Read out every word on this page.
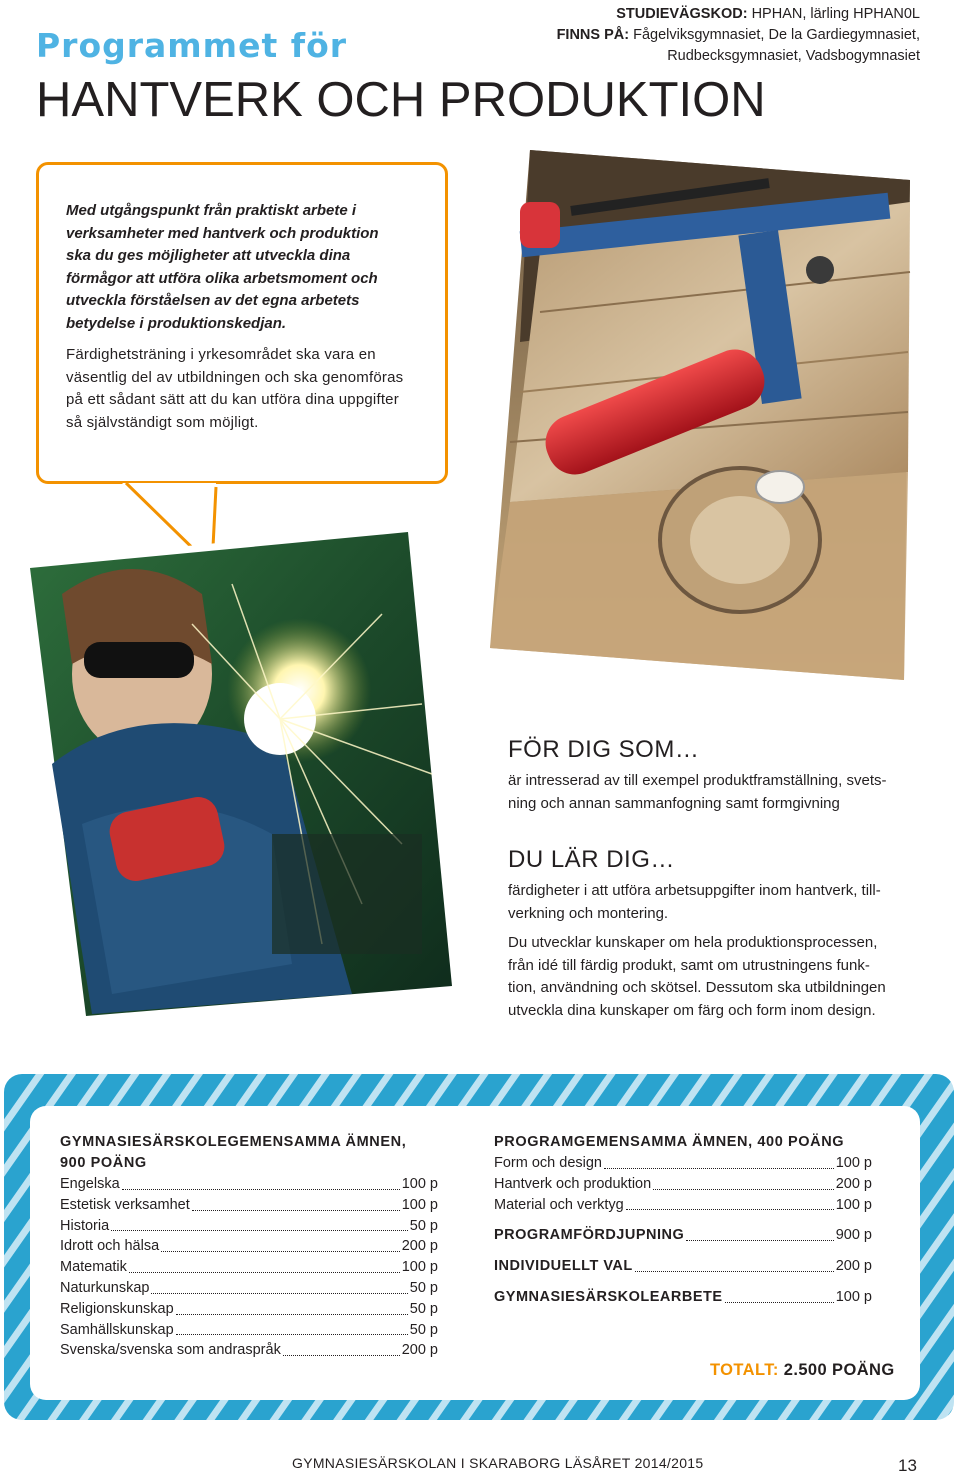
Programmet för
HANTVERK OCH PRODUKTION
STUDIEVÄGSKOD: HPHAN, lärling HPHAN0L
FINNS PÅ: Fågelviksgymnasiet, De la Gardiegymnasiet,
Rudbecksgymnasiet, Vadsbogymnasiet
Med utgångspunkt från praktiskt arbete i
verksamheter med hantverk och produktion
ska du ges möjligheter att utveckla dina
förmågor att utföra olika arbetsmoment och
utveckla förståelsen av det egna arbetets
betydelse i produktionskedjan.
Färdighetsträning i yrkesområdet ska vara en
väsentlig del av utbildningen och ska genomföras
på ett sådant sätt att du kan utföra dina uppgifter
så självständigt som möjligt.
FÖR DIG SOM…
är intresserad av till exempel produktframställning, svets-
ning och annan sammanfogning samt formgivning
DU LÄR DIG…
färdigheter i att utföra arbetsuppgifter inom hantverk, till-
verkning och montering.
Du utvecklar kunskaper om hela produktionsprocessen,
från idé till färdig produkt, samt om utrustningens funk-
tion, användning och skötsel. Dessutom ska utbildningen
utveckla dina kunskaper om färg och form inom design.
GYMNASIESÄRSKOLEGEMENSAMMA ÄMNEN,
900 POÄNG
Engelska	100 p
Estetisk verksamhet	100 p
Historia	50 p
Idrott och hälsa	200 p
Matematik	100 p
Naturkunskap	50 p
Religionskunskap	50 p
Samhällskunskap	50 p
Svenska/svenska som andraspråk	200 p
PROGRAMGEMENSAMMA ÄMNEN, 400 POÄNG
Form och design	100 p
Hantverk och produktion	200 p
Material och verktyg	100 p
PROGRAMFÖRDJUPNING	900 p
INDIVIDUELLT VAL	200 p
GYMNASIESÄRSKOLEARBETE	100 p
TOTALT: 2.500 POÄNG
GYMNASIESÄRSKOLAN I SKARABORG LÄSÅRET 2014/2015	13
